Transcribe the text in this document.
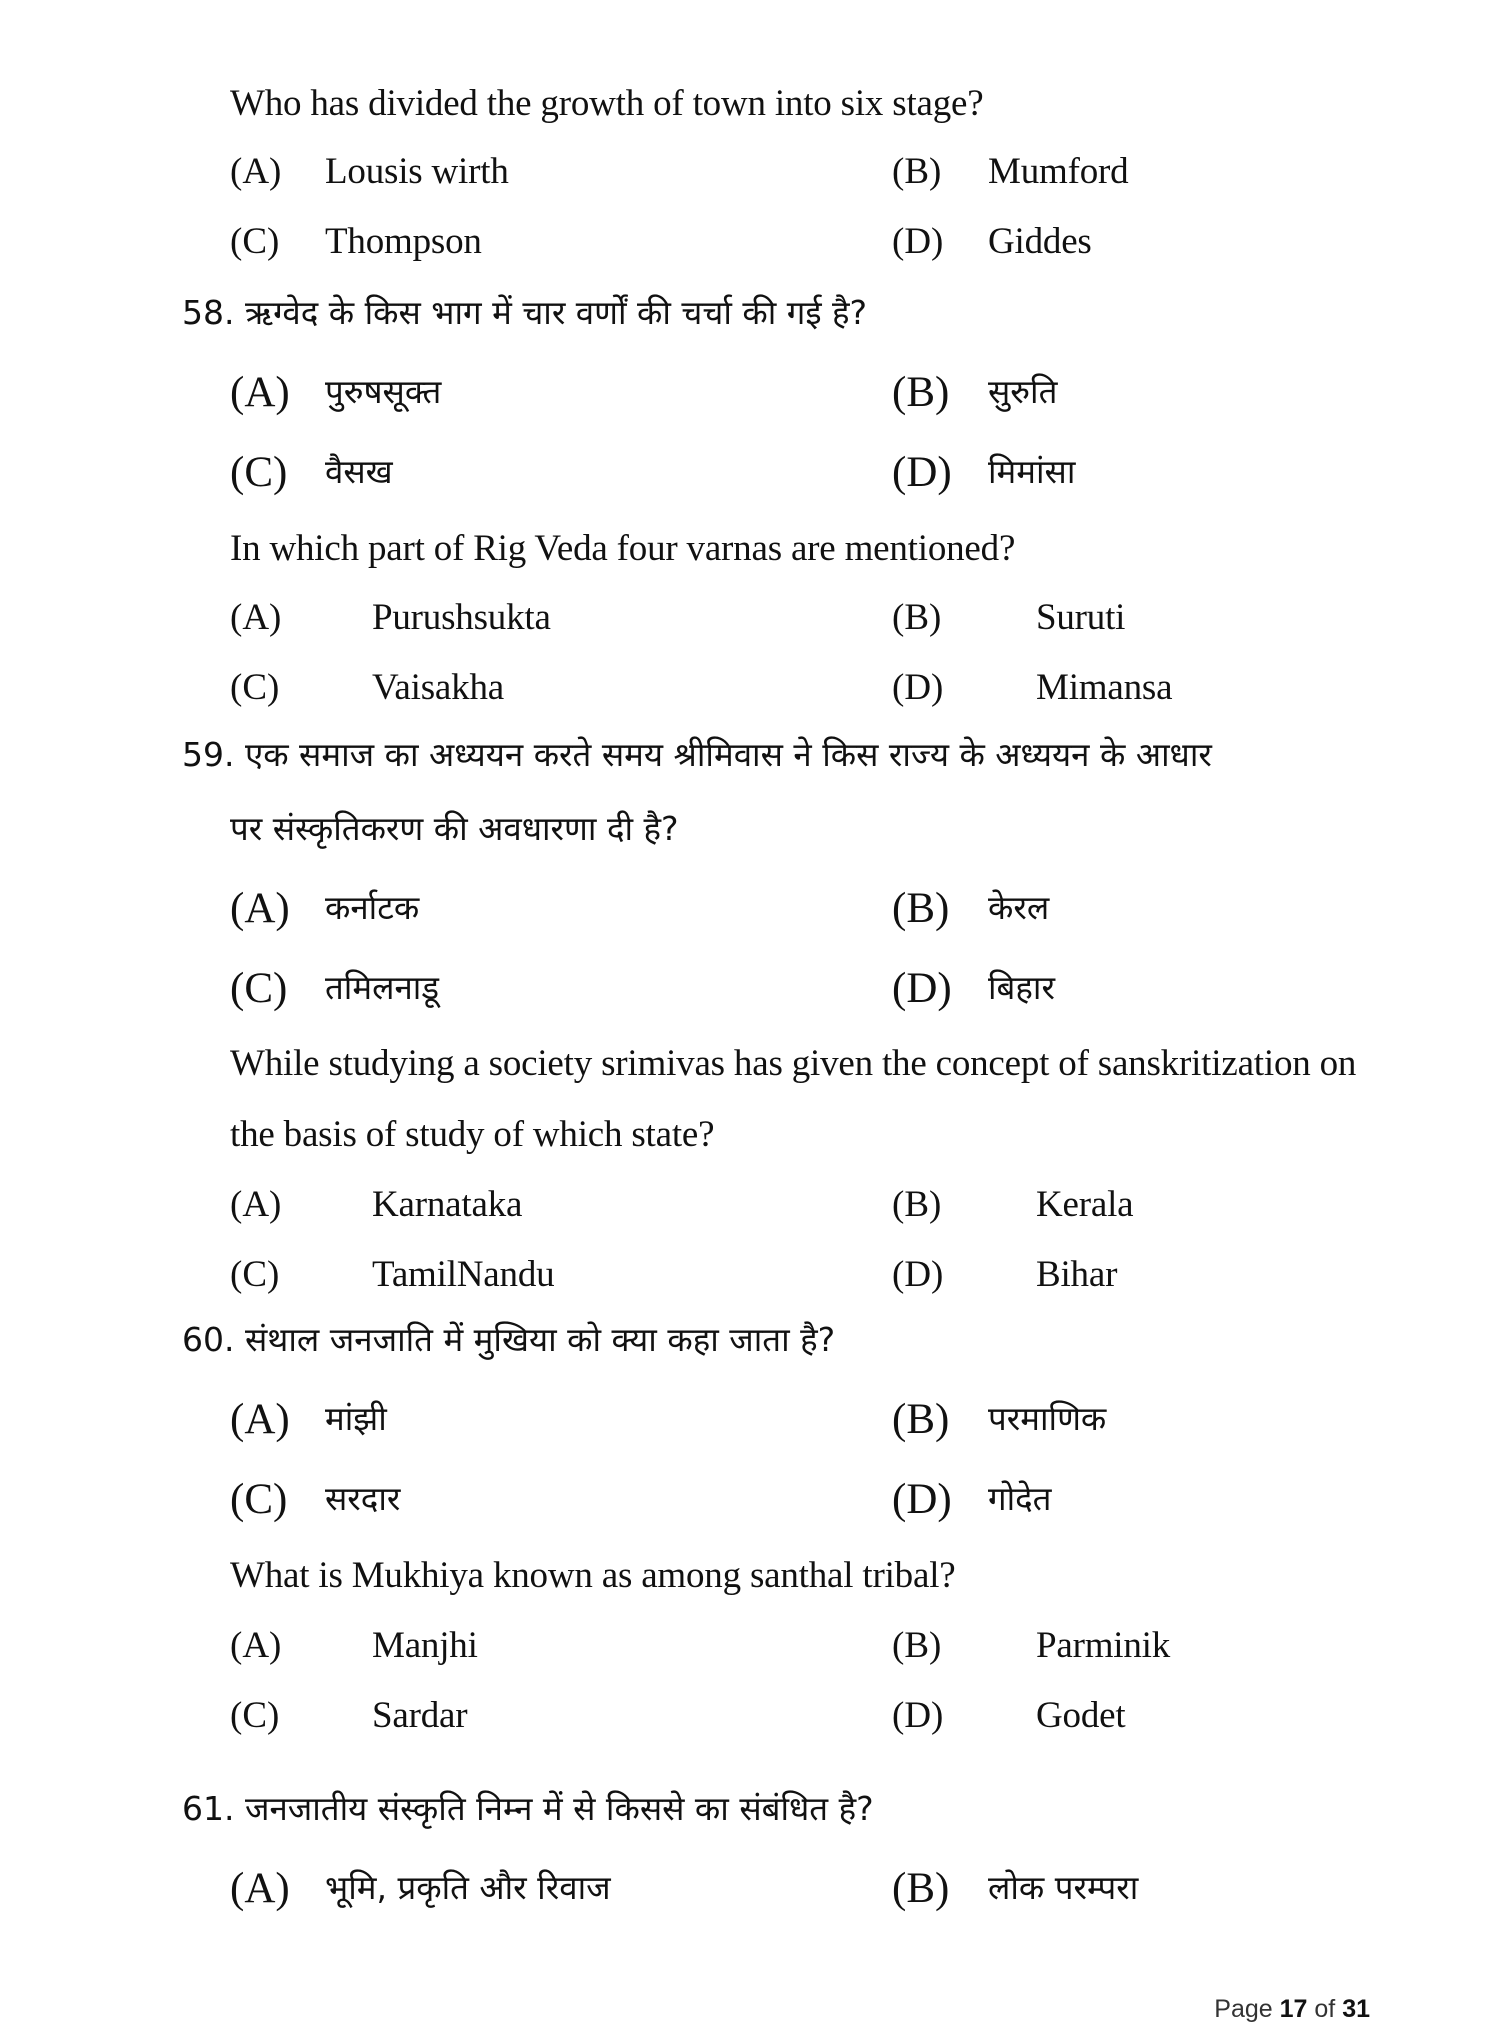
Who has divided the growth of town into six stage?
(A) Lousis wirth	(B) Mumford
(C) Thompson	(D) Giddes
58. ऋग्वेद के किस भाग में चार वर्णों की चर्चा की गई है?
(A) पुरुषसूक्त	(B) सुरुति
(C) वैसख	(D) मिमांसा
In which part of Rig Veda four varnas are mentioned?
(A) Purushsukta	(B)	Suruti
(C)	Vaisakha	(D)	Mimansa
59. एक समाज का अध्ययन करते समय श्रीमिवास ने किस राज्य के अध्ययन के आधार
पर संस्कृतिकरण की अवधारणा दी है?
(A) कर्नाटक	(B) केरल
(C) तमिलनाडू	(D) बिहार
While studying a society srimivas has given the concept of sanskritization on
the basis of study of which state?
(A) Karnataka	(B)	Kerala
(C)	TamilNandu	(D)	Bihar
60. संथाल जनजाति में मुखिया को क्या कहा जाता है?
(A) मांझी	(B) परमाणिक
(C) सरदार	(D) गोदेत
What is Mukhiya known as among santhal tribal?
(A) Manjhi	(B)	Parminik
(C)	Sardar	(D)	Godet
61. जनजातीय संस्कृति निम्न में से किससे का संबंधित है?
(A) भूमि, प्रकृति और रिवाज	(B) लोक परम्परा
Page 17 of 31
